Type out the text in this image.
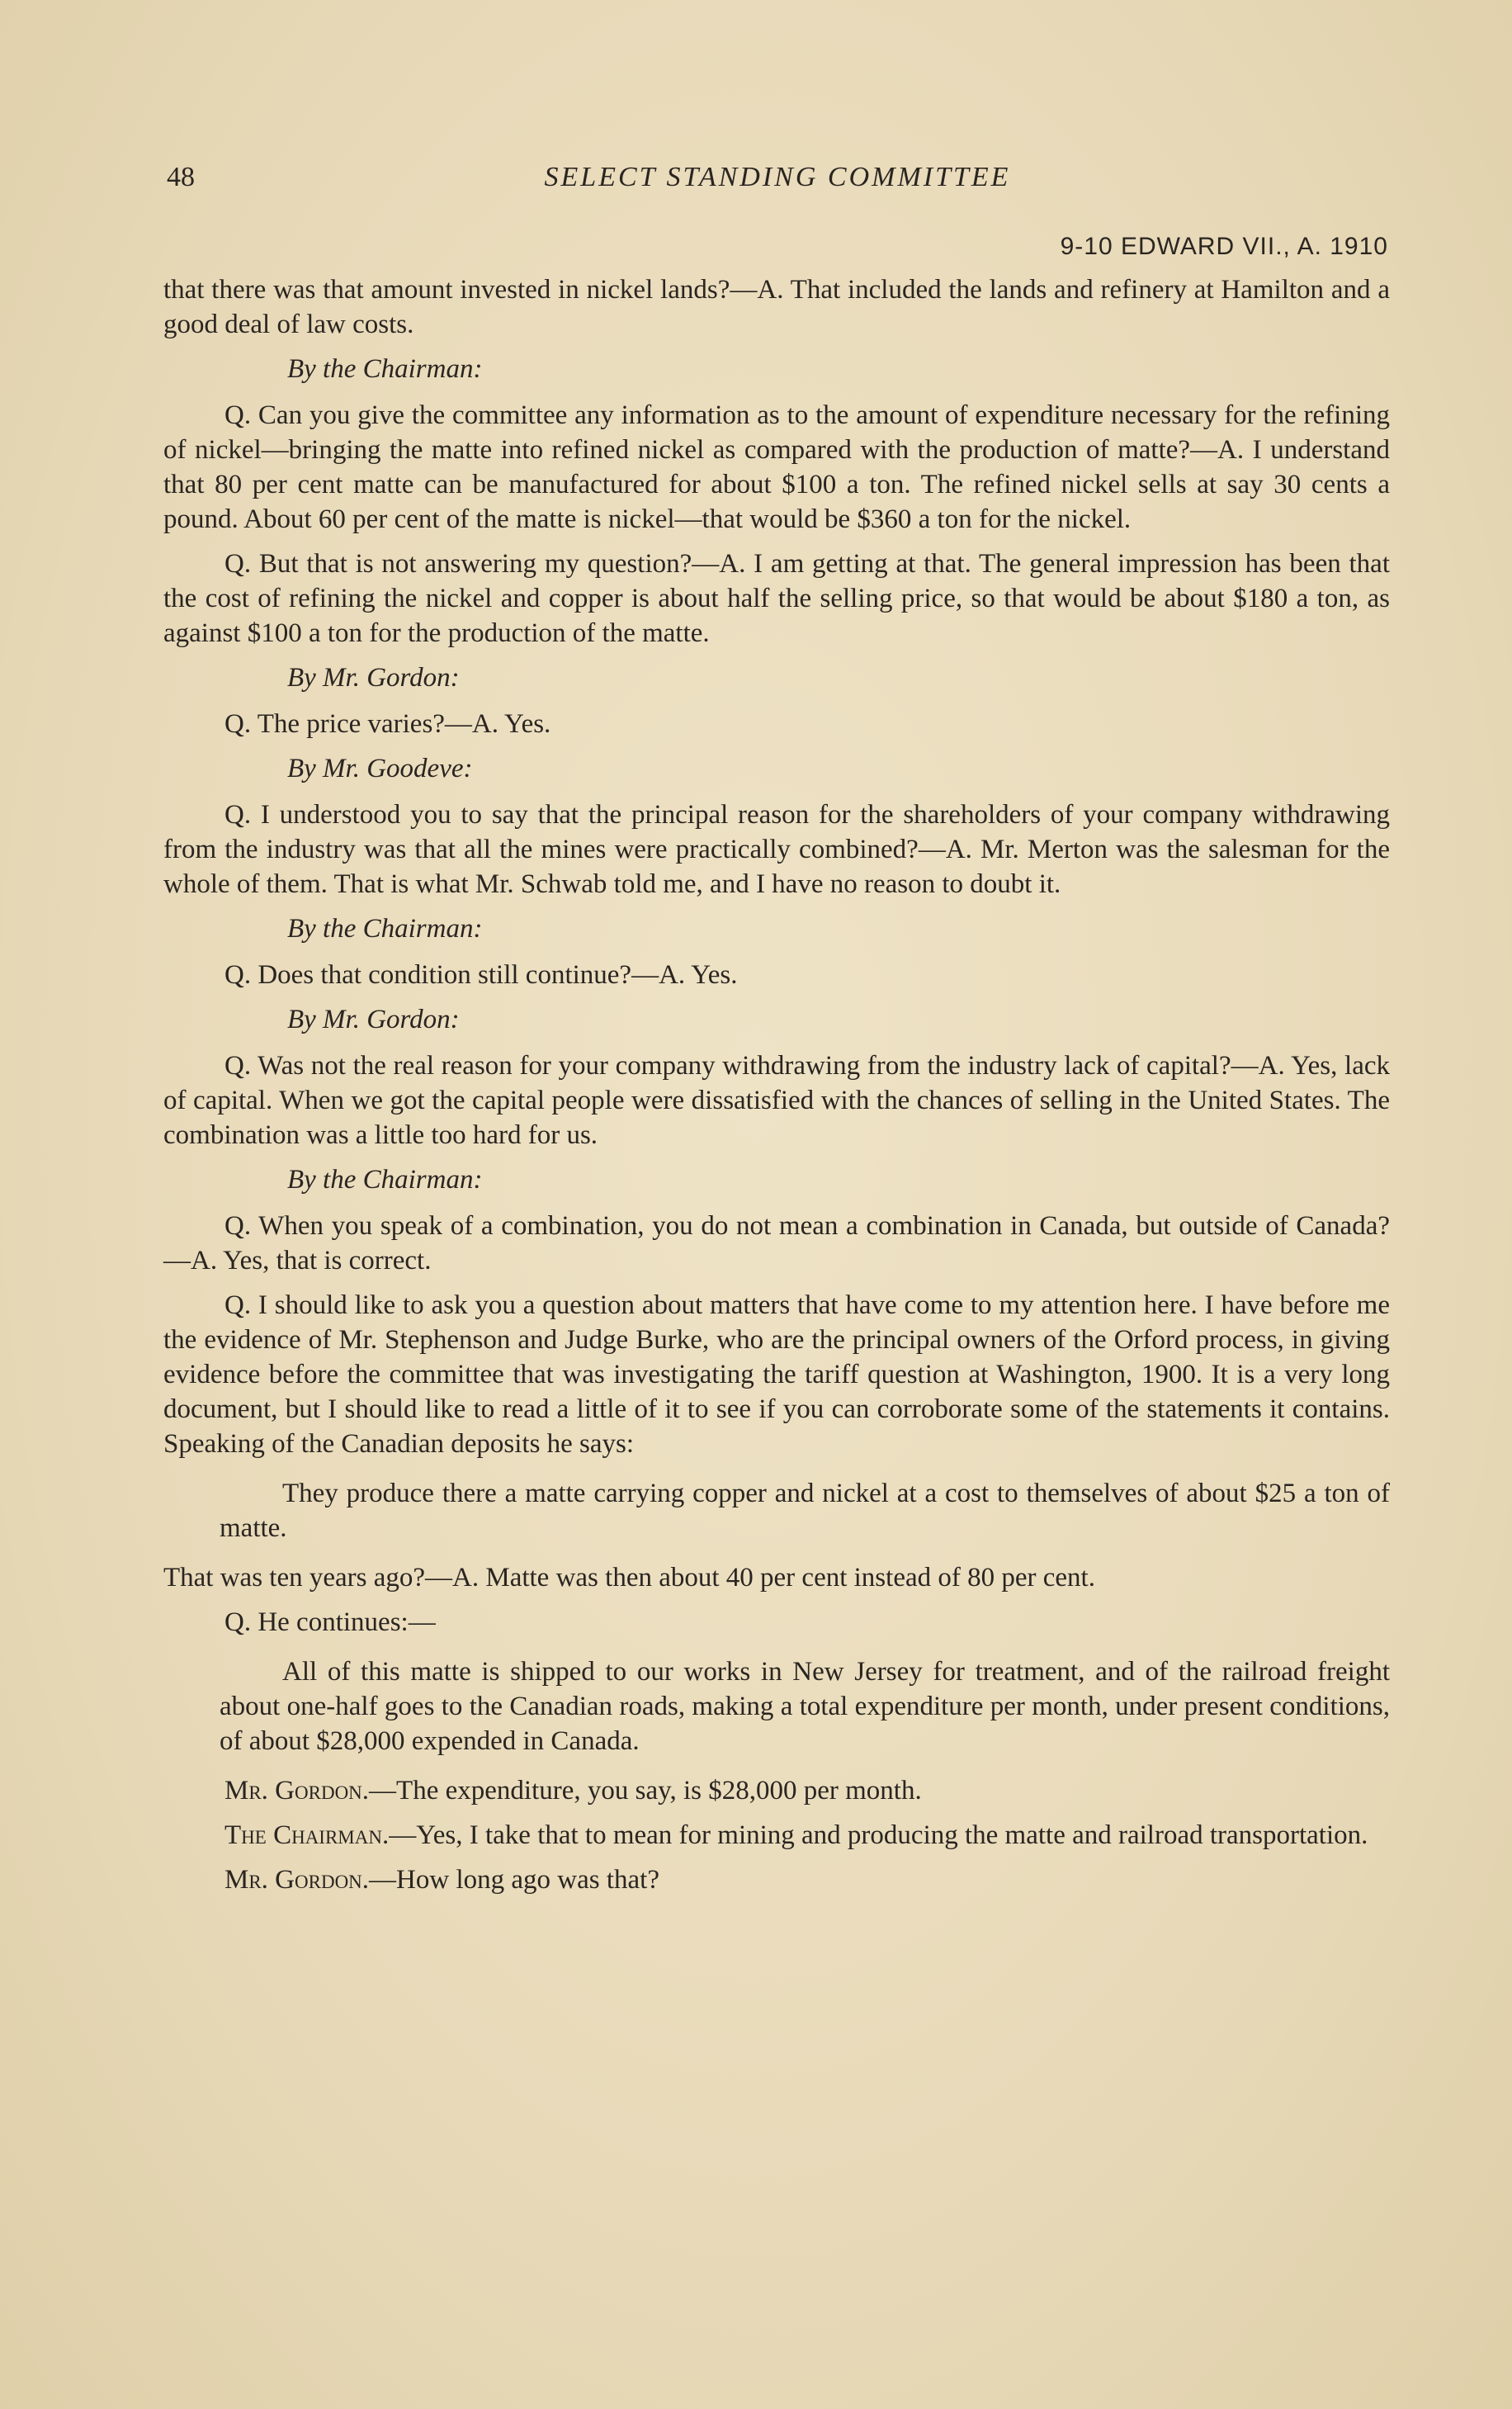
48	SELECT STANDING COMMITTEE
9-10 EDWARD VII., A. 1910

that there was that amount invested in nickel lands?—A. That included the lands and refinery at Hamilton and a good deal of law costs.

By the Chairman:

Q. Can you give the committee any information as to the amount of expenditure necessary for the refining of nickel—bringing the matte into refined nickel as compared with the production of matte?—A. I understand that 80 per cent matte can be manufactured for about $100 a ton. The refined nickel sells at say 30 cents a pound. About 60 per cent of the matte is nickel—that would be $360 a ton for the nickel.

Q. But that is not answering my question?—A. I am getting at that. The general impression has been that the cost of refining the nickel and copper is about half the selling price, so that would be about $180 a ton, as against $100 a ton for the production of the matte.

By Mr. Gordon:

Q. The price varies?—A. Yes.

By Mr. Goodeve:

Q. I understood you to say that the principal reason for the shareholders of your company withdrawing from the industry was that all the mines were practically combined?—A. Mr. Merton was the salesman for the whole of them. That is what Mr. Schwab told me, and I have no reason to doubt it.

By the Chairman:

Q. Does that condition still continue?—A. Yes.

By Mr. Gordon:

Q. Was not the real reason for your company withdrawing from the industry lack of capital?—A. Yes, lack of capital. When we got the capital people were dissatisfied with the chances of selling in the United States. The combination was a little too hard for us.

By the Chairman:

Q. When you speak of a combination, you do not mean a combination in Canada, but outside of Canada?—A. Yes, that is correct.

Q. I should like to ask you a question about matters that have come to my attention here. I have before me the evidence of Mr. Stephenson and Judge Burke, who are the principal owners of the Orford process, in giving evidence before the committee that was investigating the tariff question at Washington, 1900. It is a very long document, but I should like to read a little of it to see if you can corroborate some of the statements it contains. Speaking of the Canadian deposits he says:

They produce there a matte carrying copper and nickel at a cost to themselves of about $25 a ton of matte.

That was ten years ago?—A. Matte was then about 40 per cent instead of 80 per cent.

Q. He continues:—

All of this matte is shipped to our works in New Jersey for treatment, and of the railroad freight about one-half goes to the Canadian roads, making a total expenditure per month, under present conditions, of about $28,000 expended in Canada.

Mr. Gordon.—The expenditure, you say, is $28,000 per month.

The Chairman.—Yes, I take that to mean for mining and producing the matte and railroad transportation.

Mr. Gordon.—How long ago was that?
